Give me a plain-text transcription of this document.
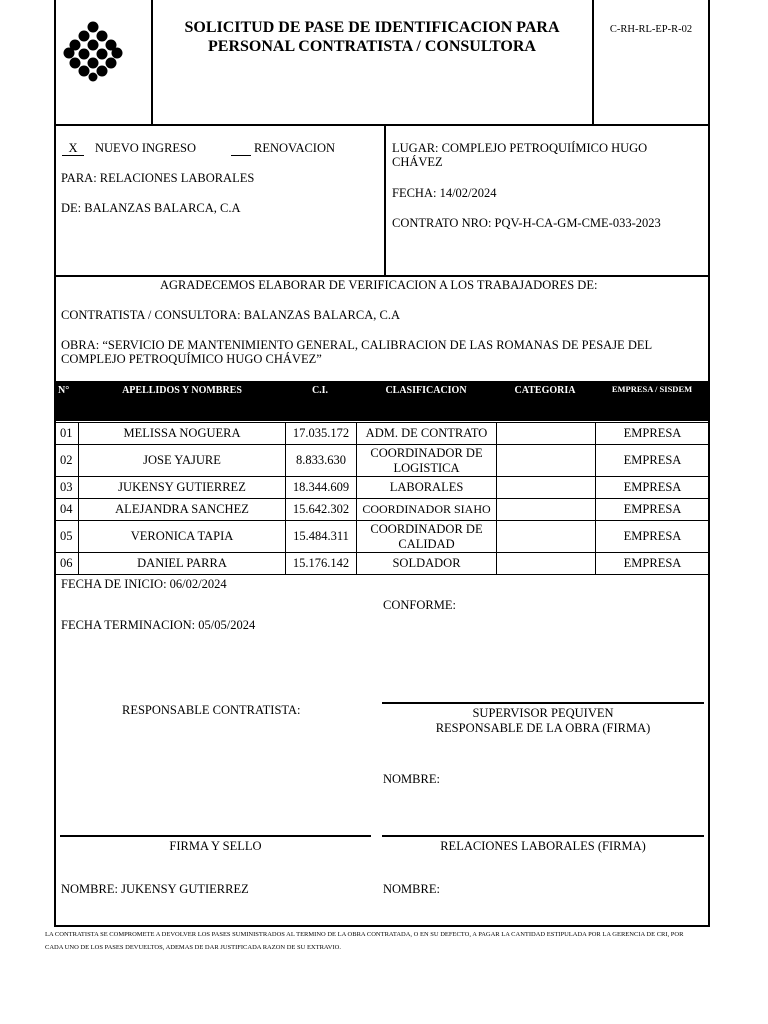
SOLICITUD DE PASE DE IDENTIFICACION PARA
PERSONAL CONTRATISTA / CONSULTORA
C-RH-RL-EP-R-02
X	NUEVO INGRESO
	RENOVACION
PARA: RELACIONES LABORALES
DE: BALANZAS BALARCA, C.A
LUGAR: COMPLEJO PETROQUIÍMICO HUGO
CHÁVEZ
FECHA: 14/02/2024
CONTRATO NRO: PQV-H-CA-GM-CME-033-2023
AGRADECEMOS ELABORAR DE VERIFICACION A LOS TRABAJADORES DE:
CONTRATISTA / CONSULTORA: BALANZAS BALARCA, C.A
OBRA: “SERVICIO DE MANTENIMIENTO GENERAL, CALIBRACION DE LAS ROMANAS DE PESAJE DEL
COMPLEJO PETROQUÍMICO HUGO CHÁVEZ”
N°	APELLIDOS Y NOMBRES	C.I.	CLASIFICACION	CATEGORIA	EMPRESA / SISDEM
01	MELISSA NOGUERA	17.035.172	ADM. DE CONTRATO		EMPRESA
02	JOSE YAJURE	8.833.630	COORDINADOR DE LOGISTICA		EMPRESA
03	JUKENSY GUTIERREZ	18.344.609	LABORALES		EMPRESA
04	ALEJANDRA SANCHEZ	15.642.302	COORDINADOR SIAHO		EMPRESA
05	VERONICA TAPIA	15.484.311	COORDINADOR DE CALIDAD		EMPRESA
06	DANIEL PARRA	15.176.142	SOLDADOR		EMPRESA
FECHA DE INICIO: 06/02/2024
CONFORME:
FECHA TERMINACION: 05/05/2024
RESPONSABLE CONTRATISTA:	SUPERVISOR PEQUIVEN
RESPONSABLE DE LA OBRA (FIRMA)
NOMBRE:
FIRMA Y SELLO	RELACIONES LABORALES (FIRMA)
NOMBRE: JUKENSY GUTIERREZ	NOMBRE:
LA CONTRATISTA SE COMPROMETE A DEVOLVER LOS PASES SUMINISTRADOS AL TERMINO DE LA OBRA CONTRATADA, O EN SU DEFECTO, A PAGAR LA CANTIDAD ESTIPULADA POR LA GERENCIA DE CRI, POR
CADA UNO DE LOS PASES DEVUELTOS, ADEMAS DE DAR JUSTIFICADA RAZON DE SU EXTRAVIO.
